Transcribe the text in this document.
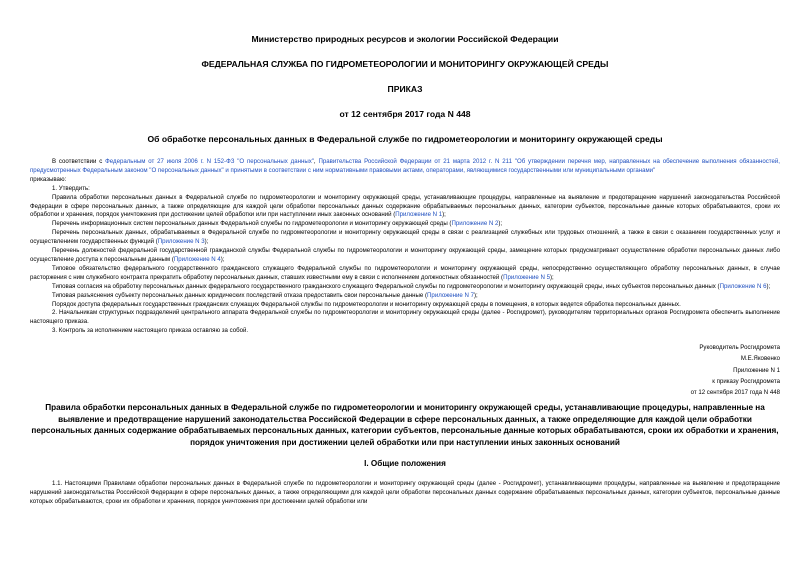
Министерство природных ресурсов и экологии Российской Федерации
ФЕДЕРАЛЬНАЯ СЛУЖБА ПО ГИДРОМЕТЕОРОЛОГИИ И МОНИТОРИНГУ ОКРУЖАЮЩЕЙ СРЕДЫ
ПРИКАЗ
от 12 сентября 2017 года N 448
Об обработке персональных данных в Федеральной службе по гидрометеорологии и мониторингу окружающей среды

В соответствии с Федеральным от 27 июля 2006 г. N 152-ФЗ "О персональных данных", Правительства Российской Федерации от 21 марта 2012 г. N 211 "Об утверждении перечня мер, направленных на обеспечение выполнения обязанностей, предусмотренных Федеральным законом "О персональных данных" и принятыми в соответствии с ним нормативными правовыми актами, операторами, являющимися государственными или муниципальными органами"

приказываю:

1. Утвердить:

Правила обработки персональных данных в Федеральной службе по гидрометеорологии и мониторингу окружающей среды, устанавливающие процедуры, направленные на выявление и предотвращение нарушений законодательства Российской Федерации в сфере персональных данных, а также определяющие для каждой цели обработки персональных данных содержание обрабатываемых персональных данных, категории субъектов, персональные данные которых обрабатываются, сроки их обработки и хранения, порядок уничтожения при достижении целей обработки или при наступлении иных законных оснований (Приложение N 1);

Перечень информационных систем персональных данных Федеральной службы по гидрометеорологии и мониторингу окружающей среды (Приложение N 2);

Перечень персональных данных, обрабатываемых в Федеральной службе по гидрометеорологии и мониторингу окружающей среды в связи с реализацией служебных или трудовых отношений, а также в связи с оказанием государственных услуг и осуществлением государственных функций (Приложение N 3);

Перечень должностей федеральной государственной гражданской службы Федеральной службы по гидрометеорологии и мониторингу окружающей среды, замещение которых предусматривает осуществление обработки персональных данных либо осуществление доступа к персональным данным (Приложение N 4);

Типовое обязательство федерального государственного гражданского служащего Федеральной службы по гидрометеорологии и мониторингу окружающей среды, непосредственно осуществляющего обработку персональных данных, в случае расторжения с ним служебного контракта прекратить обработку персональных данных, ставших известными ему в связи с исполнением должностных обязанностей (Приложение N 5);

Типовая согласия на обработку персональных данных федерального государственного гражданского служащего Федеральной службы по гидрометеорологии и мониторингу окружающей среды, иных субъектов персональных данных (Приложение N 6);

Типовая разъяснения субъекту персональных данных юридических последствий отказа предоставить свои персональные данные (Приложение N 7);

Порядок доступа федеральных государственных гражданских служащих Федеральной службы по гидрометеорологии и мониторингу окружающей среды в помещения, в которых ведется обработка персональных данных.

2. Начальникам структурных подразделений центрального аппарата Федеральной службы по гидрометеорологии и мониторингу окружающей среды (далее - Росгидромет), руководителям территориальных органов Росгидромета обеспечить выполнение настоящего приказа.

3. Контроль за исполнением настоящего приказа оставляю за собой.

Руководитель Росгидромета
М.Е.Яковенко
Приложение N 1
к приказу Росгидромета
от 12 сентября 2017 года N 448
Правила обработки персональных данных в Федеральной службе по гидрометеорологии и мониторингу окружающей среды, устанавливающие процедуры, направленные на выявление и предотвращение нарушений законодательства Российской Федерации в сфере персональных данных, а также определяющие для каждой цели обработки персональных данных содержание обрабатываемых персональных данных, категории субъектов, персональные данные которых обрабатываются, сроки их обработки и хранения, порядок уничтожения при достижении целей обработки или при наступлении иных законных оснований
I. Общие положения

1.1. Настоящими Правилами обработки персональных данных в Федеральной службе по гидрометеорологии и мониторингу окружающей среды (далее - Росгидромет), устанавливающими процедуры, направленные на выявление и предотвращение нарушений законодательства Российской Федерации в сфере персональных данных, а также определяющими для каждой цели обработки персональных данных содержание обрабатываемых персональных данных, категории субъектов, персональные данные которых обрабатываются, сроки их обработки и хранения, порядок уничтожения при достижении целей обработки или
